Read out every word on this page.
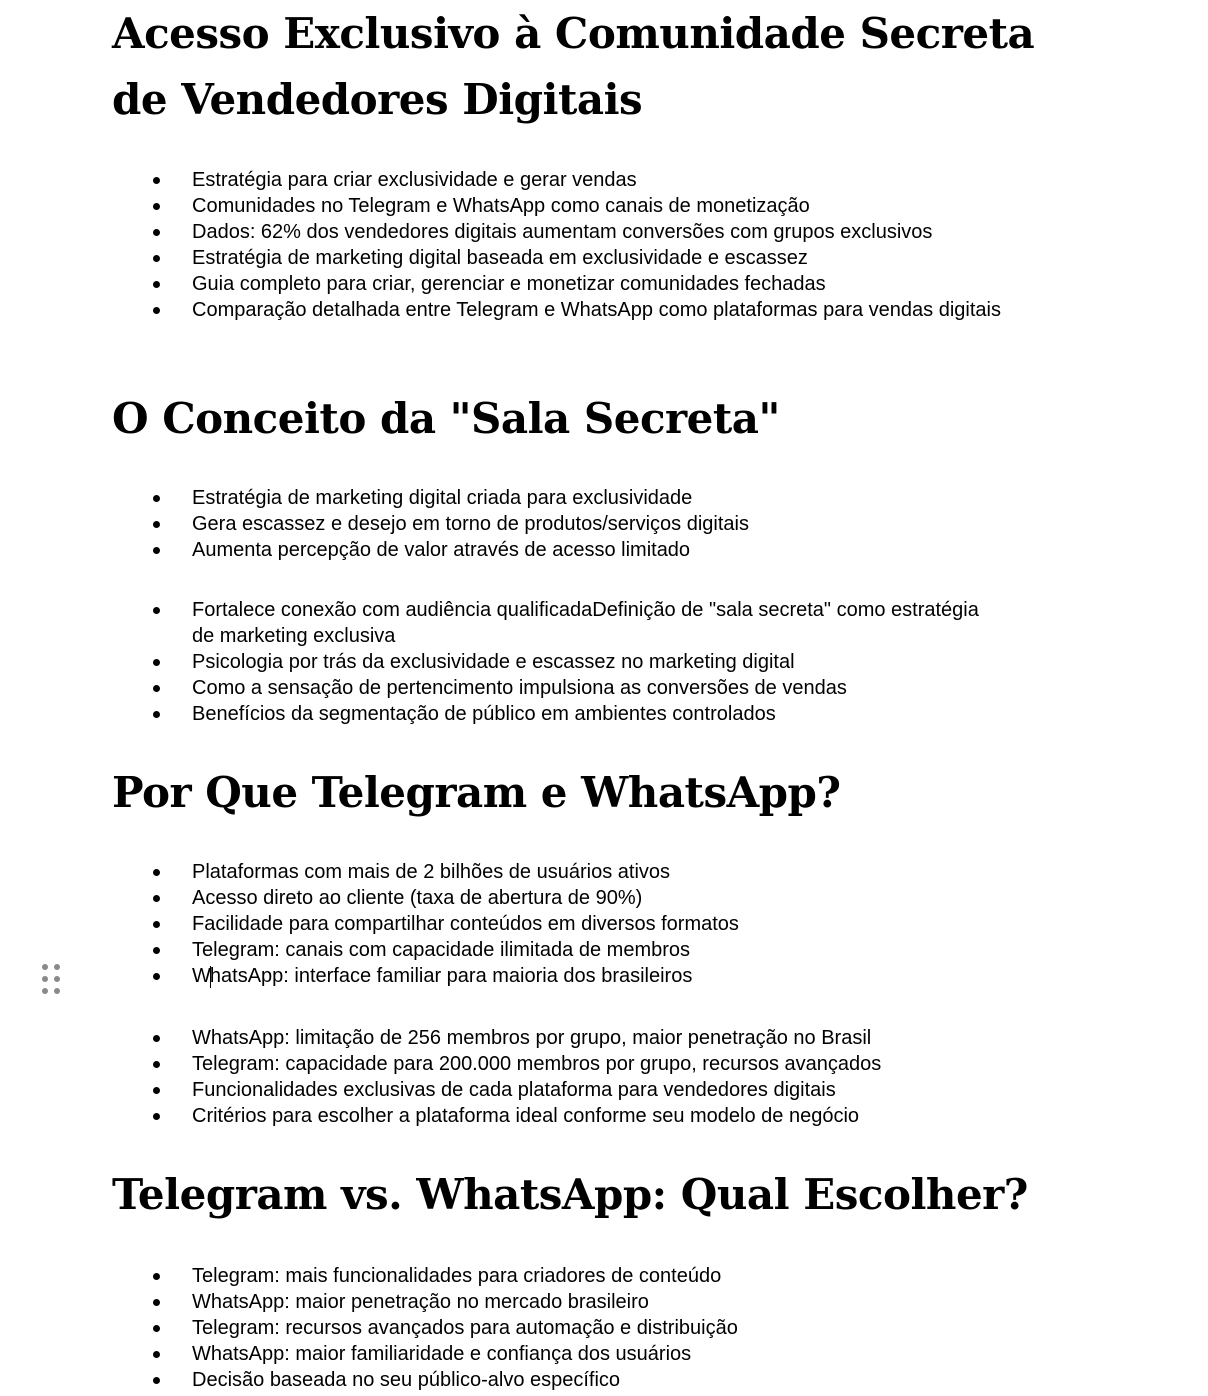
Acesso Exclusivo à Comunidade Secreta
de Vendedores Digitais
Estratégia para criar exclusividade e gerar vendas
Comunidades no Telegram e WhatsApp como canais de monetização
Dados: 62% dos vendedores digitais aumentam conversões com grupos exclusivos
Estratégia de marketing digital baseada em exclusividade e escassez
Guia completo para criar, gerenciar e monetizar comunidades fechadas
Comparação detalhada entre Telegram e WhatsApp como plataformas para vendas digitais
O Conceito da "Sala Secreta"
Estratégia de marketing digital criada para exclusividade
Gera escassez e desejo em torno de produtos/serviços digitais
Aumenta percepção de valor através de acesso limitado
Fortalece conexão com audiência qualificadaDefinição de "sala secreta" como estratégia de marketing exclusiva
Psicologia por trás da exclusividade e escassez no marketing digital
Como a sensação de pertencimento impulsiona as conversões de vendas
Benefícios da segmentação de público em ambientes controlados
Por Que Telegram e WhatsApp?
Plataformas com mais de 2 bilhões de usuários ativos
Acesso direto ao cliente (taxa de abertura de 90%)
Facilidade para compartilhar conteúdos em diversos formatos
Telegram: canais com capacidade ilimitada de membros
WhatsApp: interface familiar para maioria dos brasileiros
WhatsApp: limitação de 256 membros por grupo, maior penetração no Brasil
Telegram: capacidade para 200.000 membros por grupo, recursos avançados
Funcionalidades exclusivas de cada plataforma para vendedores digitais
Critérios para escolher a plataforma ideal conforme seu modelo de negócio
Telegram vs. WhatsApp: Qual Escolher?
Telegram: mais funcionalidades para criadores de conteúdo
WhatsApp: maior penetração no mercado brasileiro
Telegram: recursos avançados para automação e distribuição
WhatsApp: maior familiaridade e confiança dos usuários
Decisão baseada no seu público-alvo específico
